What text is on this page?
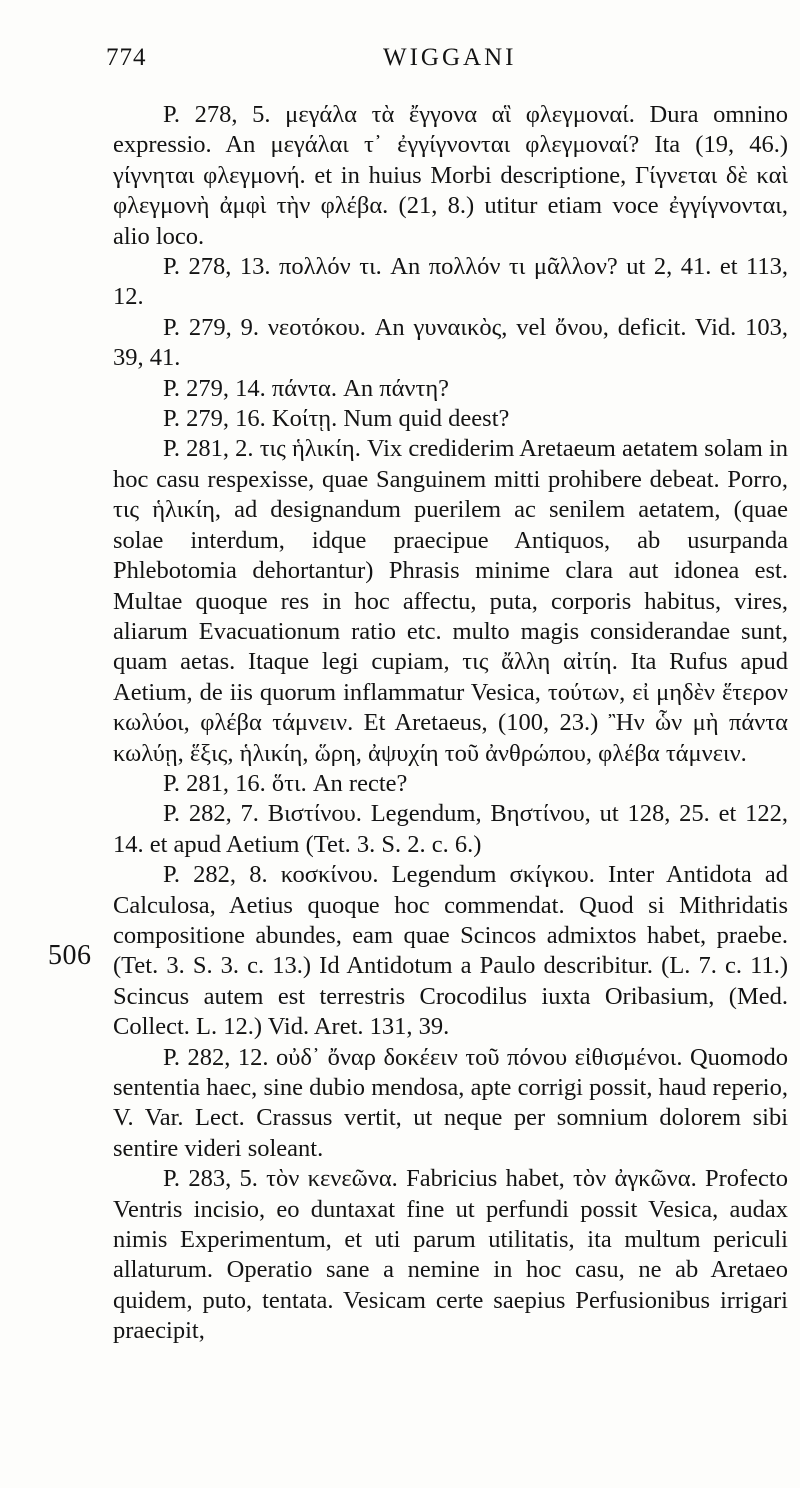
774	WIGGANI
506

P. 278, 5. μεγάλα τὰ ἔγγονα αἳ φλεγμοναί. Dura omnino expressio. An μεγάλαι τ᾽ ἐγγίγνονται φλεγμοναί? Ita (19, 46.) γίγνηται φλεγμονή. et in huius Morbi descriptione, Γίγνεται δὲ καὶ φλεγμονὴ ἀμφὶ τὴν φλέβα. (21, 8.) utitur etiam voce ἐγγίγνονται, alio loco.

P. 278, 13. πολλόν τι. An πολλόν τι μᾶλλον? ut 2, 41. et 113, 12.

P. 279, 9. νεοτόκου. An γυναικὸς, vel ὄνου, deficit. Vid. 103, 39, 41.

P. 279, 14. πάντα. An πάντη?

P. 279, 16. Κοίτῃ. Num quid deest?

P. 281, 2. τις ἡλικίη. Vix crediderim Aretaeum aetatem solam in hoc casu respexisse, quae Sanguinem mitti prohibere debeat. Porro, τις ἡλικίη, ad designandum puerilem ac senilem aetatem, (quae solae interdum, idque praecipue Antiquos, ab usurpanda Phlebotomia dehortantur) Phrasis minime clara aut idonea est. Multae quoque res in hoc affectu, puta, corporis habitus, vires, aliarum Evacuationum ratio etc. multo magis considerandae sunt, quam aetas. Itaque legi cupiam, τις ἄλλη αἰτίη. Ita Rufus apud Aetium, de iis quorum inflammatur Vesica, τούτων, εἰ μηδὲν ἕτερον κωλύοι, φλέβα τάμνειν. Et Aretaeus, (100, 23.) Ἢν ὧν μὴ πάντα κωλύῃ, ἕξις, ἡλικίη, ὥρη, ἀψυχίη τοῦ ἀνθρώπου, φλέβα τάμνειν.

P. 281, 16. ὅτι. An recte?

P. 282, 7. Βιστίνου. Legendum, Βηστίνου, ut 128, 25. et 122, 14. et apud Aetium (Tet. 3. S. 2. c. 6.)

P. 282, 8. κοσκίνου. Legendum σκίγκου. Inter Antidota ad Calculosa, Aetius quoque hoc commendat. Quod si Mithridatis compositione abundes, eam quae Scincos admixtos habet, praebe. (Tet. 3. S. 3. c. 13.) Id Antidotum a Paulo describitur. (L. 7. c. 11.) Scincus autem est terrestris Crocodilus iuxta Oribasium, (Med. Collect. L. 12.) Vid. Aret. 131, 39.

P. 282, 12. οὐδ᾽ ὄναρ δοκέειν τοῦ πόνου εἰθισμένοι. Quomodo sententia haec, sine dubio mendosa, apte corrigi possit, haud reperio, V. Var. Lect. Crassus vertit, ut neque per somnium dolorem sibi sentire videri soleant.

P. 283, 5. τὸν κενεῶνα. Fabricius habet, τὸν ἀγκῶνα. Profecto Ventris incisio, eo duntaxat fine ut perfundi possit Vesica, audax nimis Experimentum, et uti parum utilitatis, ita multum periculi allaturum. Operatio sane a nemine in hoc casu, ne ab Aretaeo quidem, puto, tentata. Vesicam certe saepius Perfusionibus irrigari praecipit,
